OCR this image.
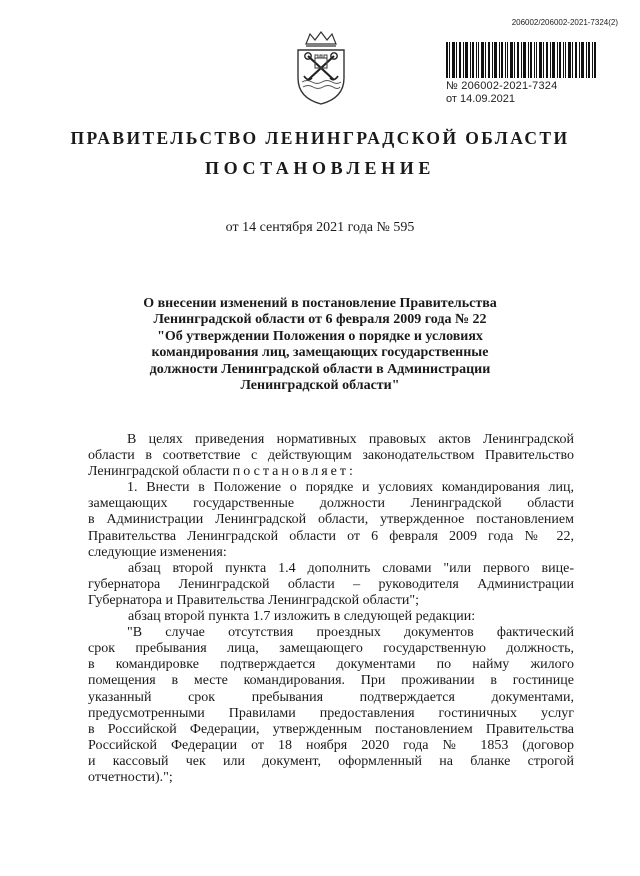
206002/206002-2021-7324(2)
№ 206002-2021-7324
от 14.09.2021
ПРАВИТЕЛЬСТВО ЛЕНИНГРАДСКОЙ ОБЛАСТИ
ПОСТАНОВЛЕНИЕ
от 14 сентября 2021 года № 595
О внесении изменений в постановление Правительства
Ленинградской области от 6 февраля 2009 года № 22
"Об утверждении Положения о порядке и условиях
командирования лиц, замещающих государственные
должности Ленинградской области в Администрации
Ленинградской области"
В целях приведения нормативных правовых актов Ленинградской
области в соответствие с действующим законодательством Правительство
Ленинградской области постановляет:
1. Внести в Положение о порядке и условиях командирования лиц,
замещающих государственные должности Ленинградской области
в Администрации Ленинградской области, утвержденное постановлением
Правительства Ленинградской области от 6 февраля 2009 года № 22,
следующие изменения:
абзац второй пункта 1.4 дополнить словами "или первого вице-
губернатора Ленинградской области – руководителя Администрации
Губернатора и Правительства Ленинградской области";
абзац второй пункта 1.7 изложить в следующей редакции:
"В случае отсутствия проездных документов фактический
срок пребывания лица, замещающего государственную должность,
в командировке подтверждается документами по найму жилого
помещения в месте командирования. При проживании в гостинице
указанный срок пребывания подтверждается документами,
предусмотренными Правилами предоставления гостиничных услуг
в Российской Федерации, утвержденным постановлением Правительства
Российской Федерации от 18 ноября 2020 года № 1853 (договор
и кассовый чек или документ, оформленный на бланке строгой
отчетности).";
